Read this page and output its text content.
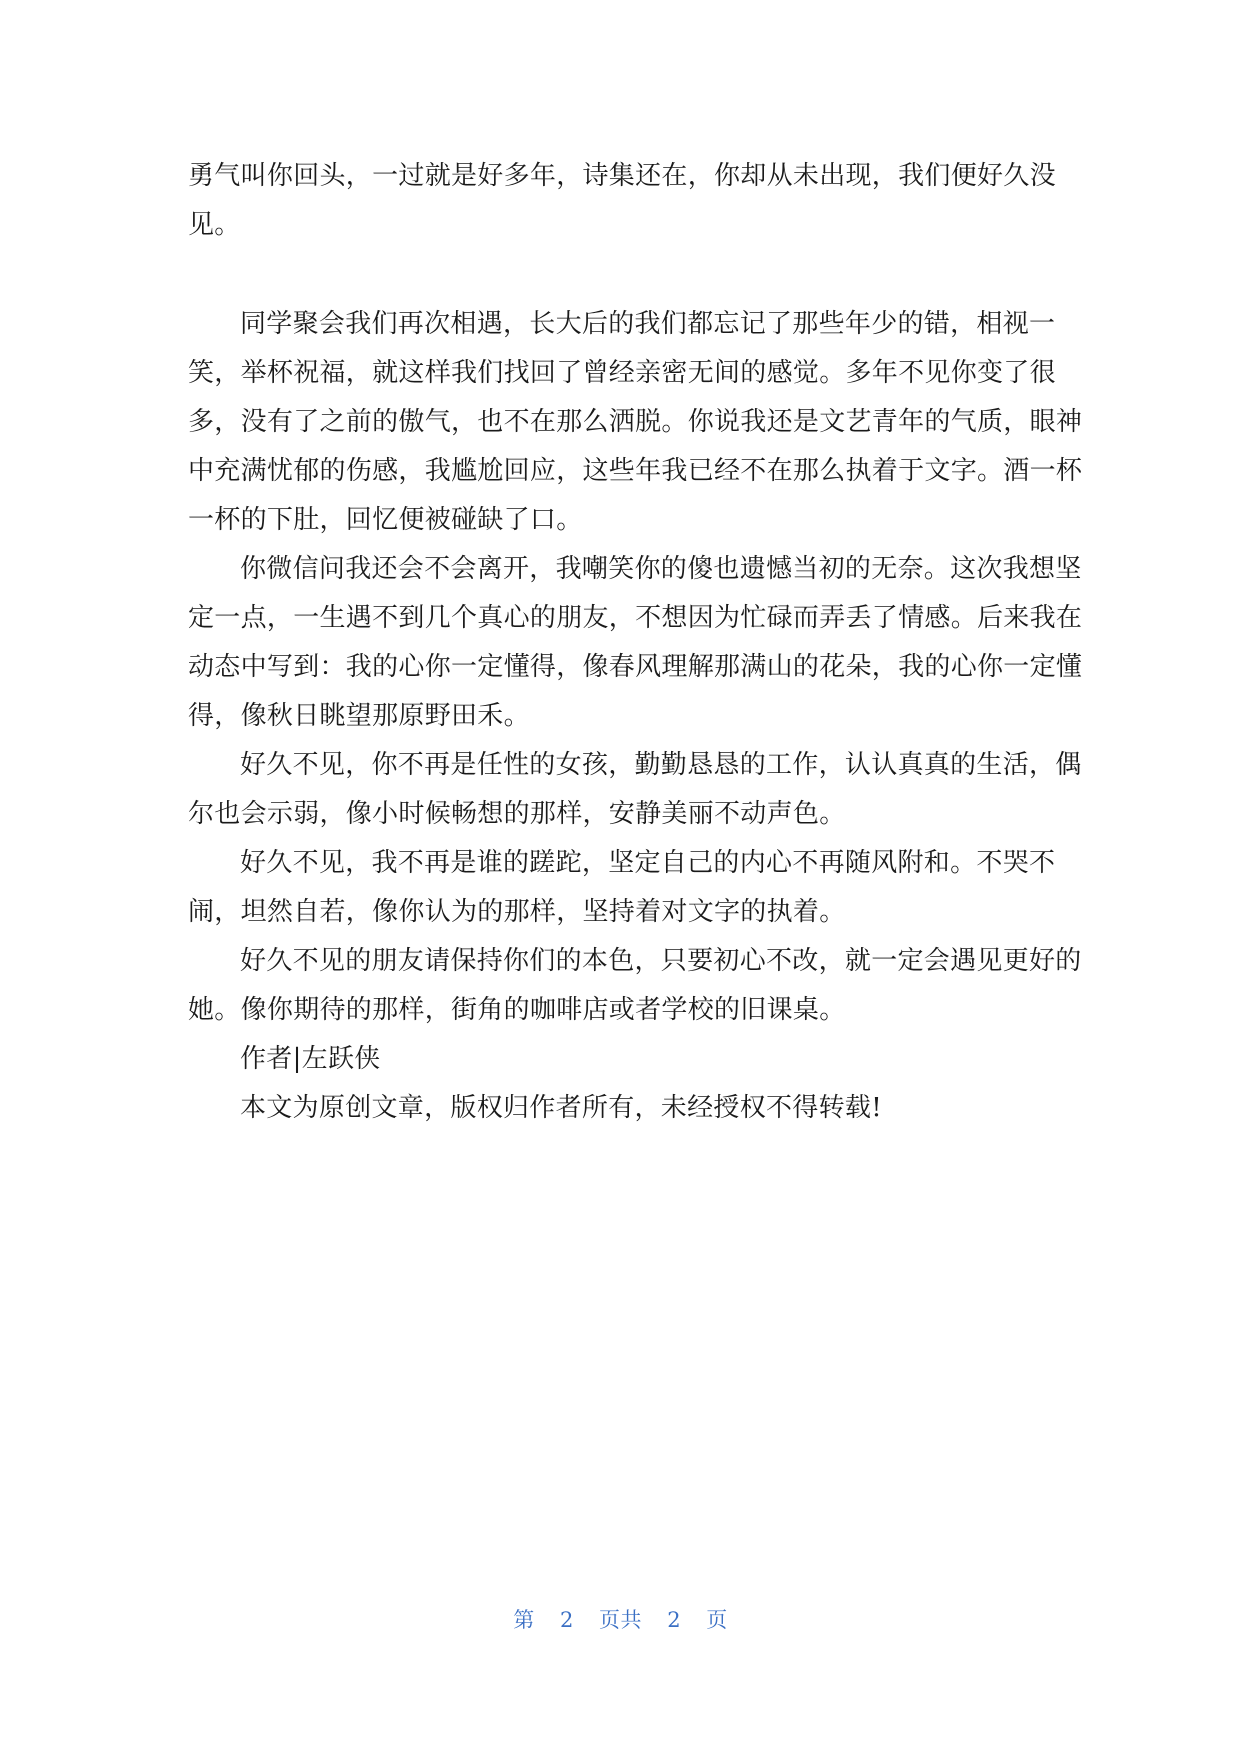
勇气叫你回头，一过就是好多年，诗集还在，你却从未出现，我们便好久没
见。
同学聚会我们再次相遇，长大后的我们都忘记了那些年少的错，相视一
笑，举杯祝福，就这样我们找回了曾经亲密无间的感觉。多年不见你变了很
多，没有了之前的傲气，也不在那么洒脱。你说我还是文艺青年的气质，眼神
中充满忧郁的伤感，我尴尬回应，这些年我已经不在那么执着于文字。酒一杯
一杯的下肚，回忆便被碰缺了口。
你微信问我还会不会离开，我嘲笑你的傻也遗憾当初的无奈。这次我想坚
定一点，一生遇不到几个真心的朋友，不想因为忙碌而弄丢了情感。后来我在
动态中写到：我的心你一定懂得，像春风理解那满山的花朵，我的心你一定懂
得，像秋日眺望那原野田禾。
好久不见，你不再是任性的女孩，勤勤恳恳的工作，认认真真的生活，偶
尔也会示弱，像小时候畅想的那样，安静美丽不动声色。
好久不见，我不再是谁的蹉跎，坚定自己的内心不再随风附和。不哭不
闹，坦然自若，像你认为的那样，坚持着对文字的执着。
好久不见的朋友请保持你们的本色，只要初心不改，就一定会遇见更好的
她。像你期待的那样，街角的咖啡店或者学校的旧课桌。
作者|左跃侠
本文为原创文章，版权归作者所有，未经授权不得转载!
第 2 页共 2 页
